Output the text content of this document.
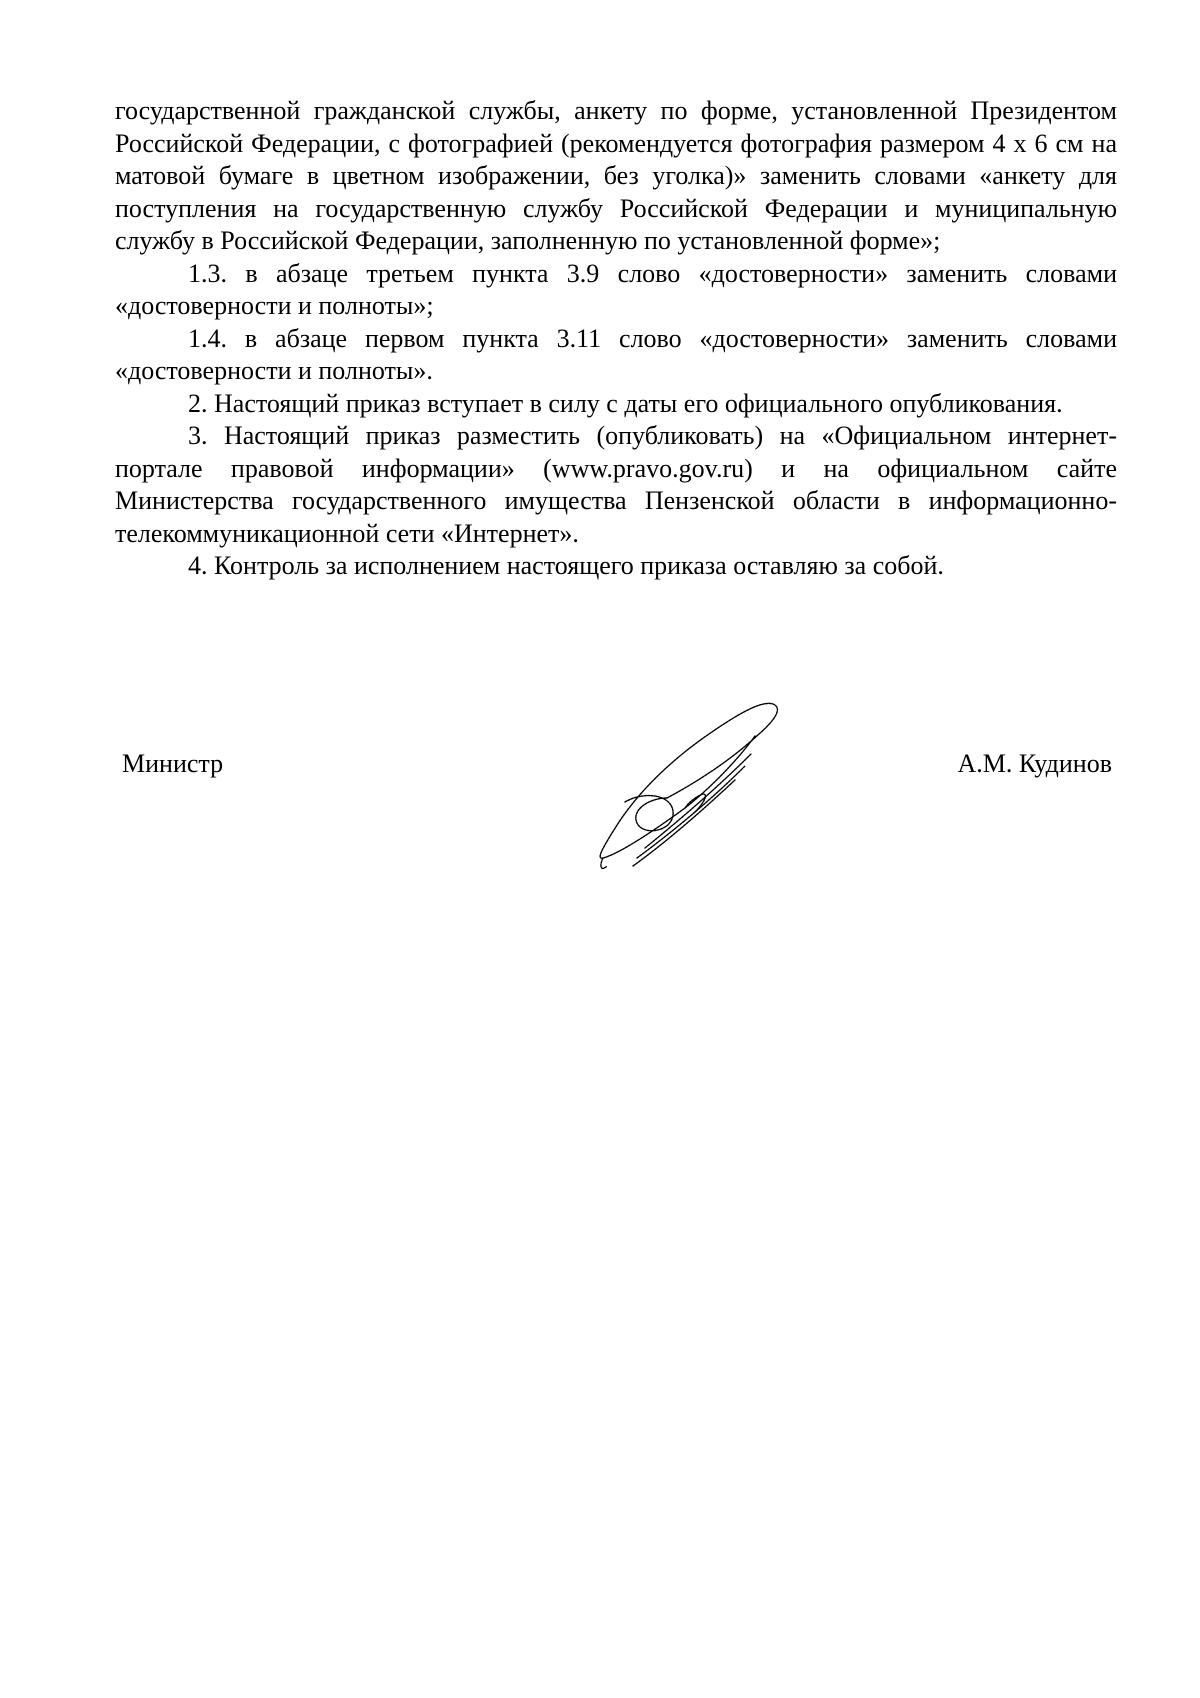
государственной гражданской службы, анкету по форме, установленной Президентом Российской Федерации, с фотографией (рекомендуется фотография размером 4 х 6 см на матовой бумаге в цветном изображении, без уголка)» заменить словами «анкету для поступления на государственную службу Российской Федерации и муниципальную службу в Российской Федерации, заполненную по установленной форме»;

1.3. в абзаце третьем пункта 3.9 слово «достоверности» заменить словами «достоверности и полноты»;

1.4. в абзаце первом пункта 3.11 слово «достоверности» заменить словами «достоверности и полноты».

2. Настоящий приказ вступает в силу с даты его официального опубликования.

3. Настоящий приказ разместить (опубликовать) на «Официальном интернет-портале правовой информации» (www.pravo.gov.ru) и на официальном сайте Министерства государственного имущества Пензенской области в информационно-телекоммуникационной сети «Интернет».

4. Контроль за исполнением настоящего приказа оставляю за собой.

Министр	А.М. Кудинов
